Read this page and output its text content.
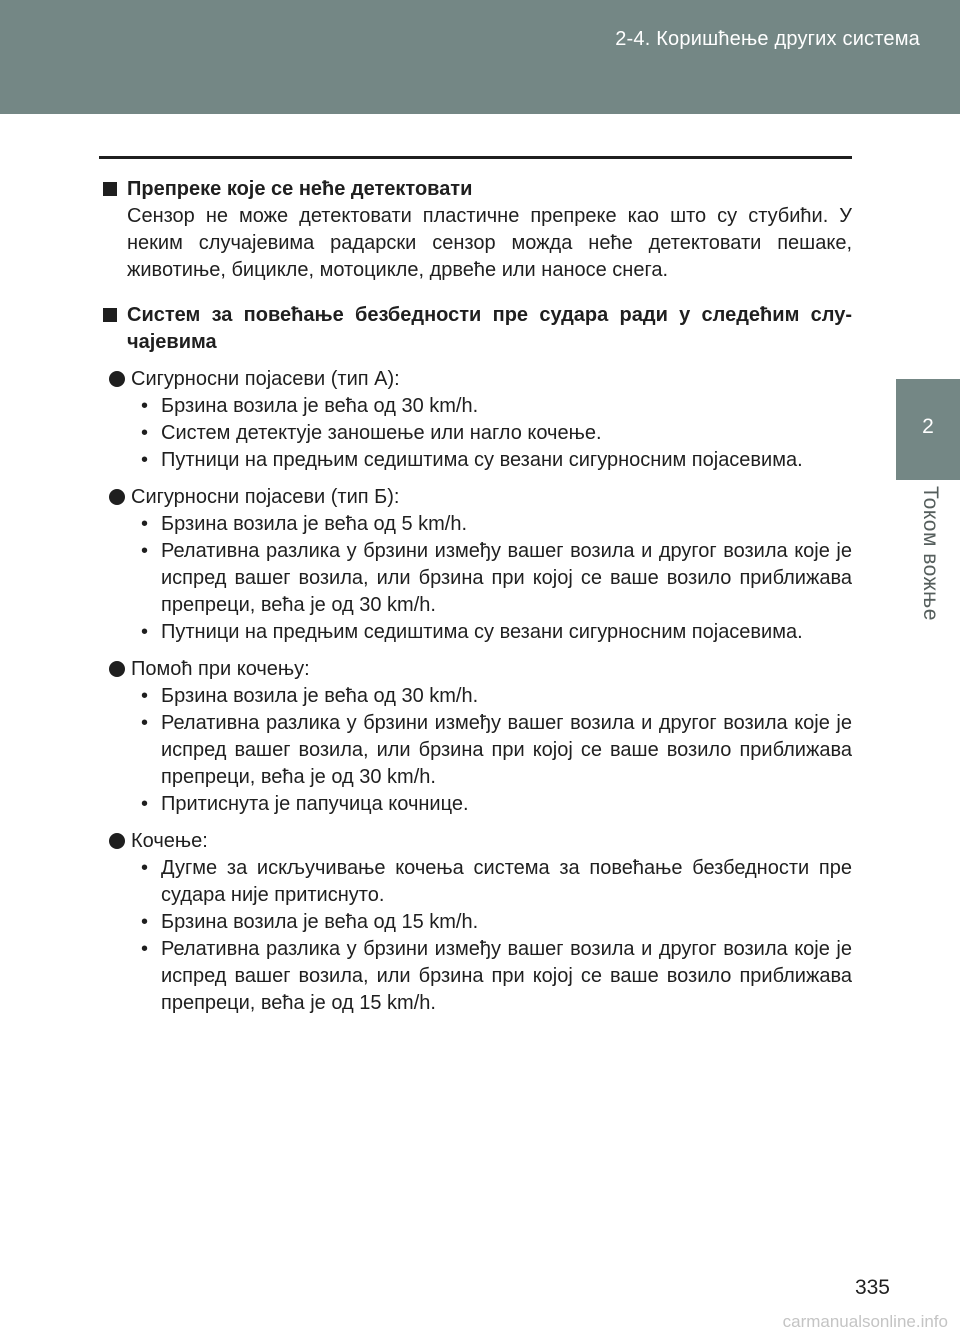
2-4. Коришћење других система
2
Током вожње
Препреке које се неће детектовати
Сензор не може детектовати пластичне препреке као што су стубићи. У неким случајевима радарски сензор можда неће детектовати пешаке, животиње, бицикле, мотоцикле, дрвеће или наносе снега.
Систем за повећање безбедности пре судара ради у следећим слу-чајевима
Сигурносни појасеви (тип A):
• Брзина возила је већа од 30 km/h.
• Систем детектује заношење или нагло кочење.
• Путници на предњим седиштима су везани сигурносним појасевима.
Сигурносни појасеви (тип Б):
• Брзина возила је већа од 5 km/h.
• Релативна разлика у брзини између вашег возила и другог возила које је испред вашег возила, или брзина при којој се ваше возило приближава препреци, већа је од 30 km/h.
• Путници на предњим седиштима су везани сигурносним појасевима.
Помоћ при кочењу:
• Брзина возила је већа од 30 km/h.
• Релативна разлика у брзини између вашег возила и другог возила које је испред вашег возила, или брзина при којој се ваше возило приближава препреци, већа је од 30 km/h.
• Притиснута је папучица кочнице.
Кочење:
• Дугме за искључивање кочења система за повећање безбедности пре судара није притиснуто.
• Брзина возила је већа од 15 km/h.
• Релативна разлика у брзини између вашег возила и другог возила које је испред вашег возила, или брзина при којој се ваше возило приближава препреци, већа је од 15 km/h.
335
carmanualsonline.info
